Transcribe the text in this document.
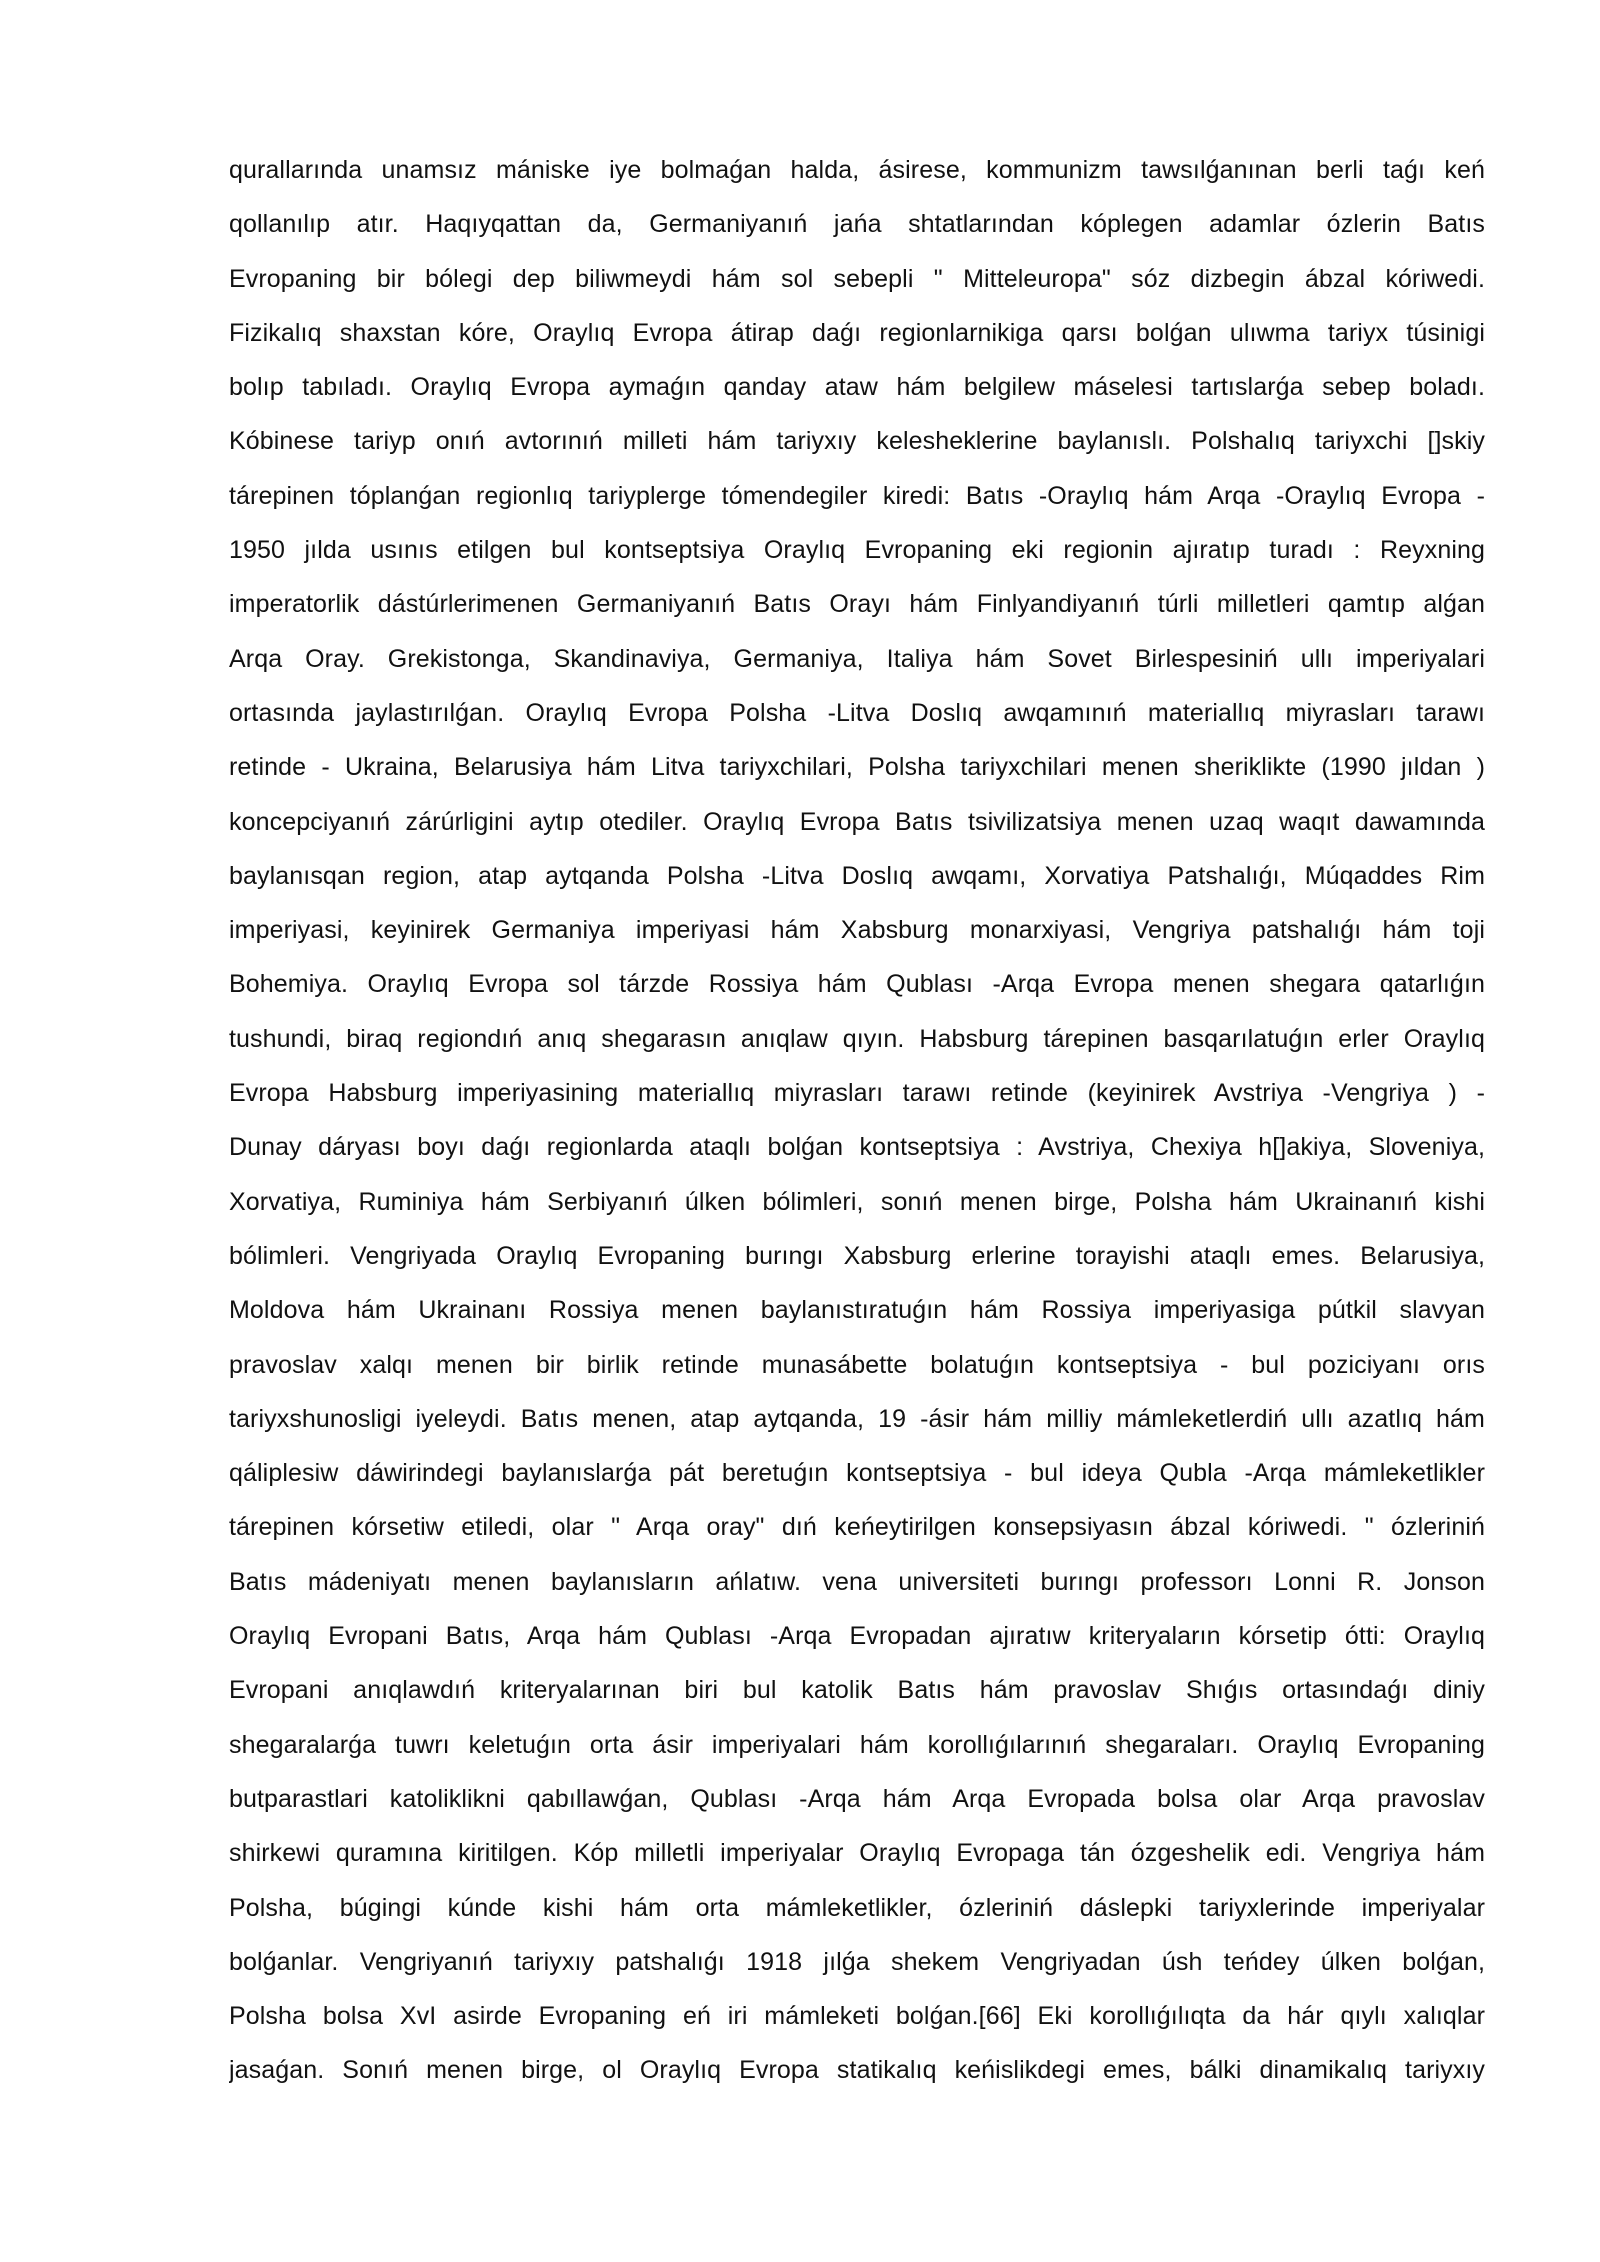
qurallarında unamsız mániske iye bolmaǵan halda, ásirese, kommunizm tawsılǵanınan berli taǵı keń
qollanılıp atır. Haqıyqattan da, Germaniyanıń jańa shtatlarından kóplegen adamlar ózlerin Batıs
Evropaning bir bólegi dep biliwmeydi hám sol sebepli " Mitteleuropa" sóz dizbegin ábzal kóriwedi.
Fizikalıq shaxstan kóre, Oraylıq Evropa átirap daǵı regionlarnikiga qarsı bolǵan ulıwma tariyx túsinigi
bolıp tabıladı. Oraylıq Evropa aymaǵın qanday ataw hám belgilew máselesi tartıslarǵa sebep boladı.
Kóbinese tariyp onıń avtorınıń milleti hám tariyxıy kelesheklerine baylanıslı. Polshalıq tariyxchi []skiy
tárepinen tóplanǵan regionlıq tariyplerge tómendegiler kiredi: Batıs -Oraylıq hám Arqa -Oraylıq Evropa -
1950 jılda usınıs etilgen bul kontseptsiya Oraylıq Evropaning eki regionin ajıratıp turadı : Reyxning
imperatorlik dástúrlerimenen Germaniyanıń Batıs Orayı hám Finlyandiyanıń túrli milletleri qamtıp alǵan
Arqa Oray. Grekistonga, Skandinaviya, Germaniya, Italiya hám Sovet Birlespesiniń ullı imperiyalari
ortasında jaylastırılǵan. Oraylıq Evropa Polsha -Litva Doslıq awqamınıń materiallıq miyrasları tarawı
retinde - Ukraina, Belarusiya hám Litva tariyxchilari, Polsha tariyxchilari menen sheriklikte (1990 jıldan )
koncepciyanıń zárúrligini aytıp otediler. Oraylıq Evropa Batıs tsivilizatsiya menen uzaq waqıt dawamında
baylanısqan region, atap aytqanda Polsha -Litva Doslıq awqamı, Xorvatiya Patshalıǵı, Múqaddes Rim
imperiyasi, keyinirek Germaniya imperiyasi hám Xabsburg monarxiyasi, Vengriya patshalıǵı hám toji
Bohemiya. Oraylıq Evropa sol tárzde Rossiya hám Qublası -Arqa Evropa menen shegara qatarlıǵın
tushundi, biraq regiondıń anıq shegarasın anıqlaw qıyın. Habsburg tárepinen basqarılatuǵın erler Oraylıq
Evropa Habsburg imperiyasining materiallıq miyrasları tarawı retinde (keyinirek Avstriya -Vengriya ) -
Dunay dáryası boyı daǵı regionlarda ataqlı bolǵan kontseptsiya : Avstriya, Chexiya h[]akiya, Sloveniya,
Xorvatiya, Ruminiya hám Serbiyanıń úlken bólimleri, sonıń menen birge, Polsha hám Ukrainanıń kishi
bólimleri. Vengriyada Oraylıq Evropaning burıngı Xabsburg erlerine torayishi ataqlı emes. Belarusiya,
Moldova hám Ukrainanı Rossiya menen baylanıstıratuǵın hám Rossiya imperiyasiga pútkil slavyan
pravoslav xalqı menen bir birlik retinde munasábette bolatuǵın kontseptsiya - bul poziciyanı orıs
tariyxshunosligi iyeleydi. Batıs menen, atap aytqanda, 19 -ásir hám milliy mámleketlerdiń ullı azatlıq hám
qáliplesiw dáwirindegi baylanıslarǵa pát beretuǵın kontseptsiya - bul ideya Qubla -Arqa mámleketlikler
tárepinen kórsetiw etiledi, olar " Arqa oray" dıń keńeytirilgen konsepsiyasın ábzal kóriwedi. " ózleriniń
Batıs mádeniyatı menen baylanısların ańlatıw. vena universiteti burıngı professorı Lonni R. Jonson
Oraylıq Evropani Batıs, Arqa hám Qublası -Arqa Evropadan ajıratıw kriteryaların kórsetip ótti: Oraylıq
Evropani anıqlawdıń kriteryalarınan biri bul katolik Batıs hám pravoslav Shıǵıs ortasındaǵı diniy
shegaralarǵa tuwrı keletuǵın orta ásir imperiyalari hám korollıǵılarınıń shegaraları. Oraylıq Evropaning
butparastlari katoliklikni qabıllawǵan, Qublası -Arqa hám Arqa Evropada bolsa olar Arqa pravoslav
shirkewi quramına kiritilgen. Kóp milletli imperiyalar Oraylıq Evropaga tán ózgeshelik edi. Vengriya hám
Polsha, búgingi kúnde kishi hám orta mámleketlikler, ózleriniń dáslepki tariyxlerinde imperiyalar
bolǵanlar. Vengriyanıń tariyxıy patshalıǵı 1918 jılǵa shekem Vengriyadan úsh teńdey úlken bolǵan,
Polsha bolsa XvI asirde Evropaning eń iri mámleketi bolǵan.[66] Eki korollıǵılıqta da hár qıylı xalıqlar
jasaǵan. Sonıń menen birge, ol Oraylıq Evropa statikalıq keńislikdegi emes, bálki dinamikalıq tariyxıy
